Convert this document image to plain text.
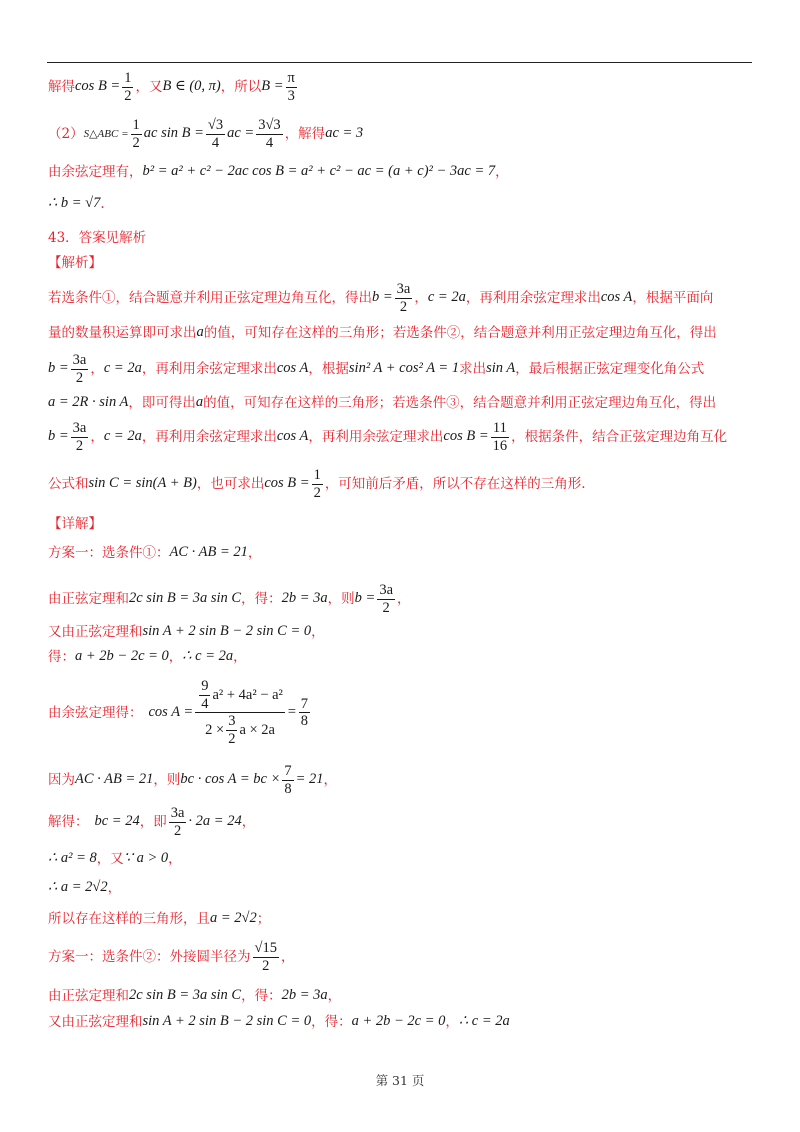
解得 $\cos B = \frac{1}{2}$ ，又 B ∈ (0, π) ，所以 $B = \frac{\pi}{3}$
（2） S△ABC = $\frac{1}{2}$ ac $\sin B = \frac{√3}{4}$ ac = $\frac{3√3}{4}$ ，解得 ac = 3
由余弦定理有， b² = a² + c² − 2ac cos B = a² + c² − ac = (a + c)² − 3ac = 7 ，
∴ b = √7 .
43．答案见解析
【解析】
若选条件①，结合题意并利用正弦定理边角互化，得出 $b = \frac{3a}{2}$ ， c = 2a ，再利用余弦定理求出 cos A ，根据平面向
量的数量积运算即可求出 a 的值，可知存在这样的三角形；若选条件②，结合题意并利用正弦定理边角互化，得出
$b = \frac{3a}{2}$ ， c = 2a ，再利用余弦定理求出 cos A ，根据 sin² A + cos² A = 1 求出 sin A ，最后根据正弦定理变化角公式
a = 2R · sin A ，即可得出 a 的值，可知存在这样的三角形；若选条件③，结合题意并利用正弦定理边角互化，得出
$b = \frac{3a}{2}$ ， c = 2a ，再利用余弦定理求出 cos A ，再利用余弦定理求出 $\cos B = \frac{11}{16}$ ，根据条件，结合正弦定理边角互化
公式和 sin C = sin(A + B) ，也可求出 $\cos B = \frac{1}{2}$ ，可知前后矛盾，所以不存在这样的三角形.
【详解】
方案一：选条件①： AC · AB = 21 ，
由正弦定理和 2c sin B = 3a sin C ，得： 2b = 3a ，则 $b = \frac{3a}{2}$ ，
又由正弦定理和 sin A + 2 sin B − 2 sin C = 0 ，
得： a + 2b − 2c = 0 ， ∴ c = 2a ，
由余弦定理得： $\cos A = \frac{\frac{9}{4} a^2 + 4a^2 - a^2}{2 \times \frac{3}{2} a \times 2a} = \frac{7}{8}$
因为 AC · AB = 21 ，则 bc · cos A = bc × $\frac{7}{8} = 21$ ，
解得： bc = 24 ，即 $\frac{3a}{2} \cdot 2a = 24$ ，
∴ a² = 8 ，又 ∵ a > 0 ，
∴ a = 2√2 ，
所以存在这样的三角形，且 a = 2√2 ；
方案一：选条件②：外接圆半径为 $\frac{√15}{2}$ ，
由正弦定理和 2c sin B = 3a sin C ，得： 2b = 3a ，
又由正弦定理和 sin A + 2 sin B − 2 sin C = 0 ，得： a + 2b − 2c = 0 ， ∴ c = 2a
第 31 页
